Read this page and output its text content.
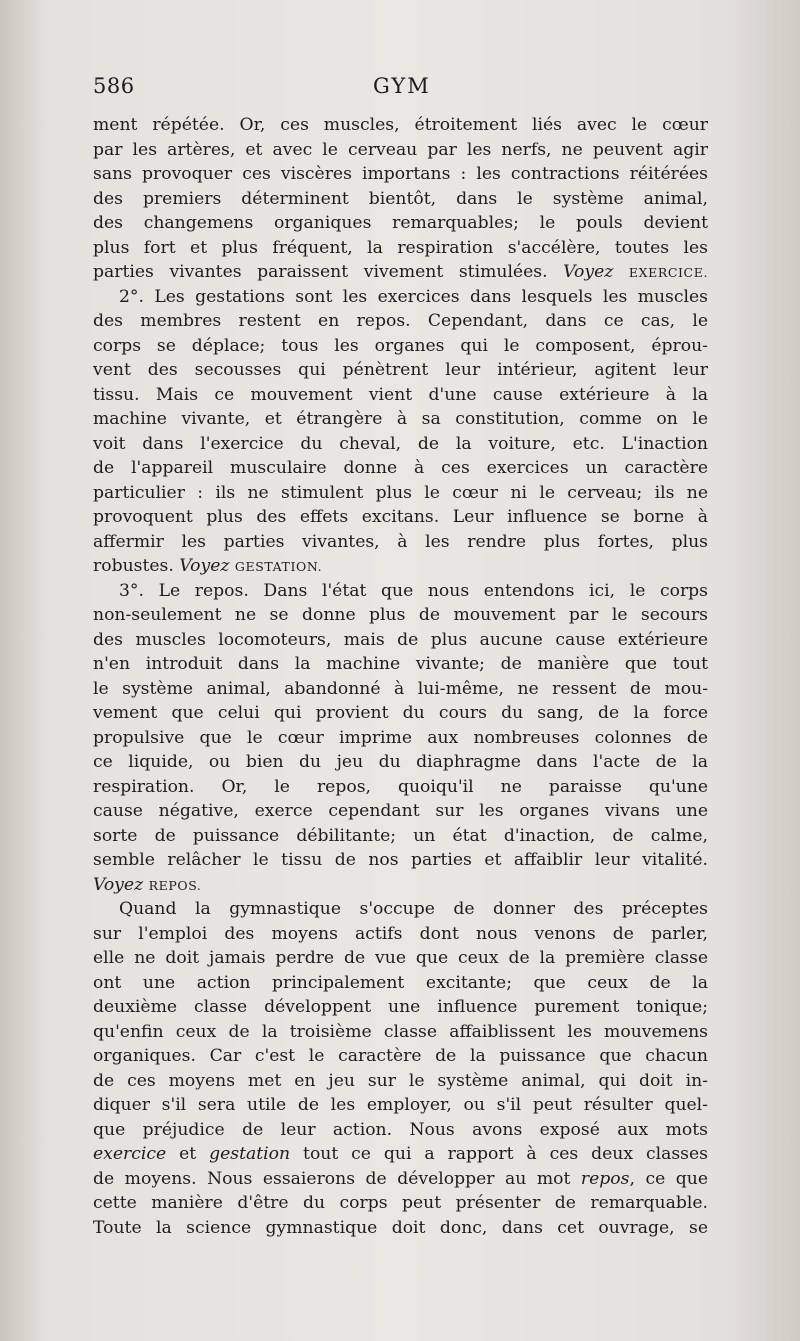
586	GYM
ment répétée. Or, ces muscles, étroitement liés avec le cœur
par les artères, et avec le cerveau par les nerfs, ne peuvent agir
sans provoquer ces viscères importans : les contractions réitérées
des premiers déterminent bientôt, dans le système animal,
des changemens organiques remarquables; le pouls devient
plus fort et plus fréquent, la respiration s'accélère, toutes les
parties vivantes paraissent vivement stimulées. Voyez EXERCICE.
2°. Les gestations sont les exercices dans lesquels les muscles
des membres restent en repos. Cependant, dans ce cas, le
corps se déplace; tous les organes qui le composent, éprou-
vent des secousses qui pénètrent leur intérieur, agitent leur
tissu. Mais ce mouvement vient d'une cause extérieure à la
machine vivante, et étrangère à sa constitution, comme on le
voit dans l'exercice du cheval, de la voiture, etc. L'inaction
de l'appareil musculaire donne à ces exercices un caractère
particulier : ils ne stimulent plus le cœur ni le cerveau; ils ne
provoquent plus des effets excitans. Leur influence se borne à
affermir les parties vivantes, à les rendre plus fortes, plus
robustes. Voyez GESTATION.
3°. Le repos. Dans l'état que nous entendons ici, le corps
non-seulement ne se donne plus de mouvement par le secours
des muscles locomoteurs, mais de plus aucune cause extérieure
n'en introduit dans la machine vivante; de manière que tout
le système animal, abandonné à lui-même, ne ressent de mou-
vement que celui qui provient du cours du sang, de la force
propulsive que le cœur imprime aux nombreuses colonnes de
ce liquide, ou bien du jeu du diaphragme dans l'acte de la
respiration. Or, le repos, quoiqu'il ne paraisse qu'une
cause négative, exerce cependant sur les organes vivans une
sorte de puissance débilitante; un état d'inaction, de calme,
semble relâcher le tissu de nos parties et affaiblir leur vitalité.
Voyez REPOS.
Quand la gymnastique s'occupe de donner des préceptes
sur l'emploi des moyens actifs dont nous venons de parler,
elle ne doit jamais perdre de vue que ceux de la première classe
ont une action principalement excitante; que ceux de la
deuxième classe développent une influence purement tonique;
qu'enfin ceux de la troisième classe affaiblissent les mouvemens
organiques. Car c'est le caractère de la puissance que chacun
de ces moyens met en jeu sur le système animal, qui doit in-
diquer s'il sera utile de les employer, ou s'il peut résulter quel-
que préjudice de leur action. Nous avons exposé aux mots
exercice et gestation tout ce qui a rapport à ces deux classes
de moyens. Nous essaierons de développer au mot repos, ce que
cette manière d'être du corps peut présenter de remarquable.
Toute la science gymnastique doit donc, dans cet ouvrage, se
